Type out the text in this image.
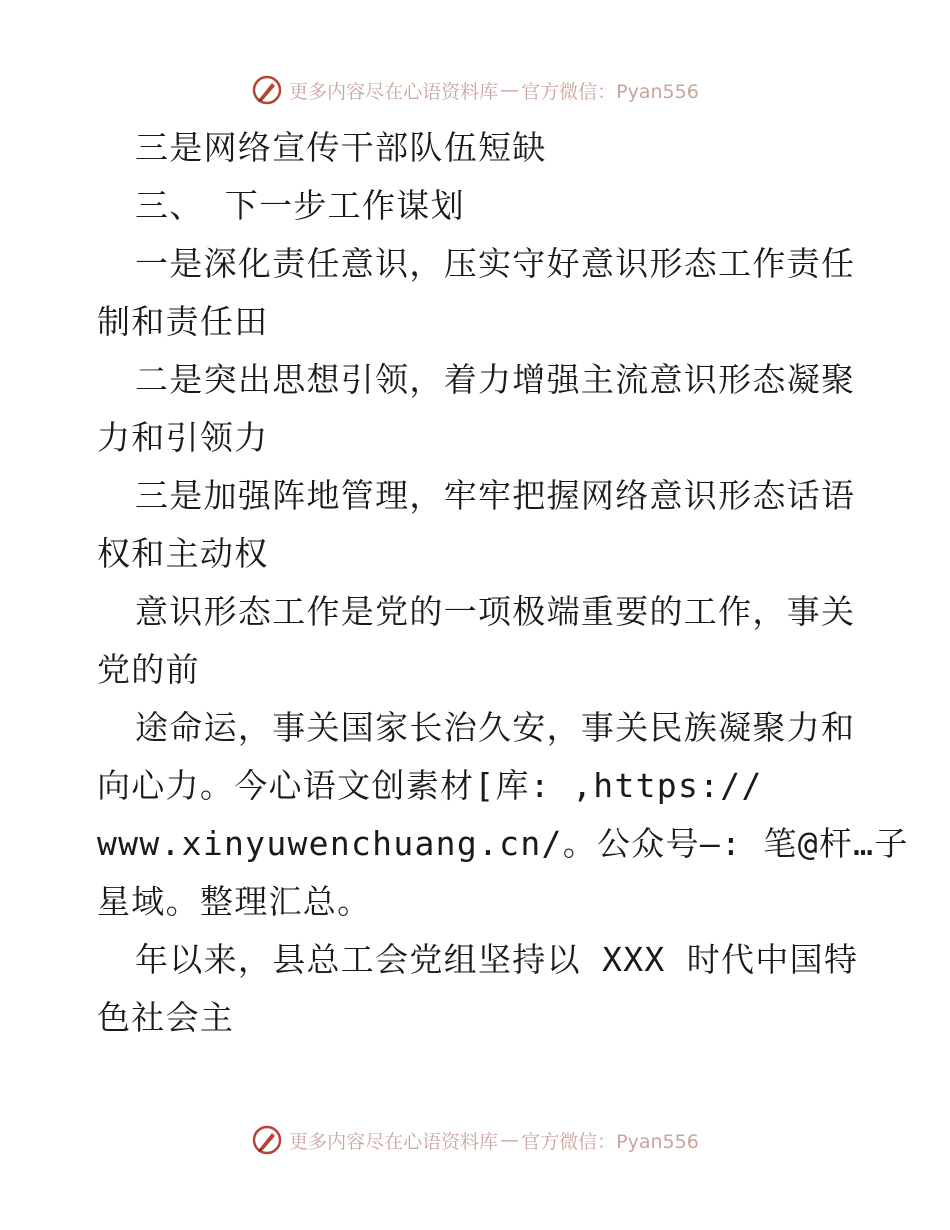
更多内容尽在心语资料库 — 官方微信：Pyan556
三是网络宣传干部队伍短缺
三、 下一步工作谋划
一是深化责任意识，压实守好意识形态工作责任
制和责任田
二是突出思想引领，着力增强主流意识形态凝聚
力和引领力
三是加强阵地管理，牢牢把握网络意识形态话语
权和主动权
意识形态工作是党的一项极端重要的工作，事关
党的前
途命运，事关国家长治久安，事关民族凝聚力和
向心力。今心语文创素材[库: ,https://
www.xinyuwenchuang.cn/。公众号—: 笔@杆…子
星域。整理汇总。
年以来，县总工会党组坚持以 XXX 时代中国特
色社会主
更多内容尽在心语资料库 — 官方微信：Pyan556
